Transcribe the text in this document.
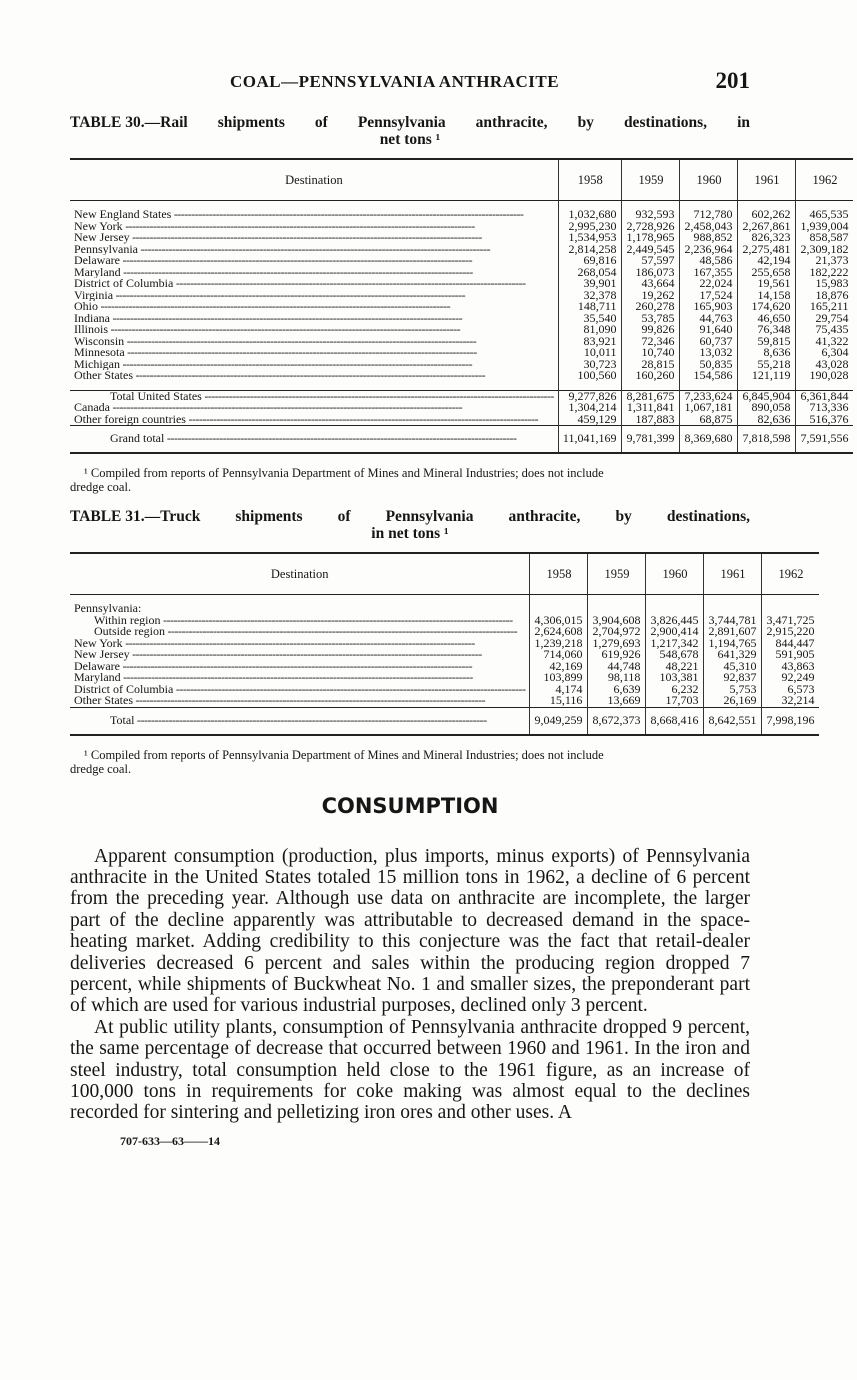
COAL—PENNSYLVANIA ANTHRACITE	201
TABLE 30.—Rail shipments of Pennsylvania anthracite, by destinations, in
net tons ¹
Destination	1958	1959	1960	1961	1962

New England States -----	1,032,680	932,593	712,780	602,262	465,535
New York -----	2,995,230	2,728,926	2,458,043	2,267,861	1,939,004
New Jersey -----	1,534,953	1,178,965	988,852	826,323	858,587
Pennsylvania -----	2,814,258	2,449,545	2,236,964	2,275,481	2,309,182
Delaware -----	69,816	57,597	48,586	42,194	21,373
Maryland -----	268,054	186,073	167,355	255,658	182,222
District of Columbia -----	39,901	43,664	22,024	19,561	15,983
Virginia -----	32,378	19,262	17,524	14,158	18,876
Ohio -----	148,711	260,278	165,903	174,620	165,211
Indiana -----	35,540	53,785	44,763	46,650	29,754
Illinois -----	81,090	99,826	91,640	76,348	75,435
Wisconsin -----	83,921	72,346	60,737	59,815	41,322
Minnesota -----	10,011	10,740	13,032	8,636	6,304
Michigan -----	30,723	28,815	50,835	55,218	43,028
Other States -----	100,560	160,260	154,586	121,119	190,028

Total United States -----	9,277,826	8,281,675	7,233,624	6,845,904	6,361,844
Canada -----	1,304,214	1,311,841	1,067,181	890,058	713,336
Other foreign countries -----	459,129	187,883	68,875	82,636	516,376
Grand total -----	11,041,169	9,781,399	8,369,680	7,818,598	7,591,556
¹ Compiled from reports of Pennsylvania Department of Mines and Mineral Industries; does not include
dredge coal.
TABLE 31.—Truck shipments of Pennsylvania anthracite, by destinations,
in net tons ¹
Destination	1958	1959	1960	1961	1962

Pennsylvania:					
Within region -----	4,306,015	3,904,608	3,826,445	3,744,781	3,471,725
Outside region -----	2,624,608	2,704,972	2,900,414	2,891,607	2,915,220
New York -----	1,239,218	1,279,693	1,217,342	1,194,765	844,447
New Jersey -----	714,060	619,926	548,678	641,329	591,905
Delaware -----	42,169	44,748	48,221	45,310	43,863
Maryland -----	103,899	98,118	103,381	92,837	92,249
District of Columbia -----	4,174	6,639	6,232	5,753	6,573
Other States -----	15,116	13,669	17,703	26,169	32,214
Total -----	9,049,259	8,672,373	8,668,416	8,642,551	7,998,196
¹ Compiled from reports of Pennsylvania Department of Mines and Mineral Industries; does not include
dredge coal.
CONSUMPTION

Apparent consumption (production, plus imports, minus exports) of Pennsylvania anthracite in the United States totaled 15 million tons in 1962, a decline of 6 percent from the preceding year. Although use data on anthracite are incomplete, the larger part of the decline apparently was attributable to decreased demand in the space-heating market. Adding credibility to this conjecture was the fact that retail-dealer deliveries decreased 6 percent and sales within the producing region dropped 7 percent, while shipments of Buckwheat No. 1 and smaller sizes, the preponderant part of which are used for various industrial purposes, declined only 3 percent.

At public utility plants, consumption of Pennsylvania anthracite dropped 9 percent, the same percentage of decrease that occurred between 1960 and 1961. In the iron and steel industry, total consumption held close to the 1961 figure, as an increase of 100,000 tons in requirements for coke making was almost equal to the declines recorded for sintering and pelletizing iron ores and other uses. A

707-633—63——14
